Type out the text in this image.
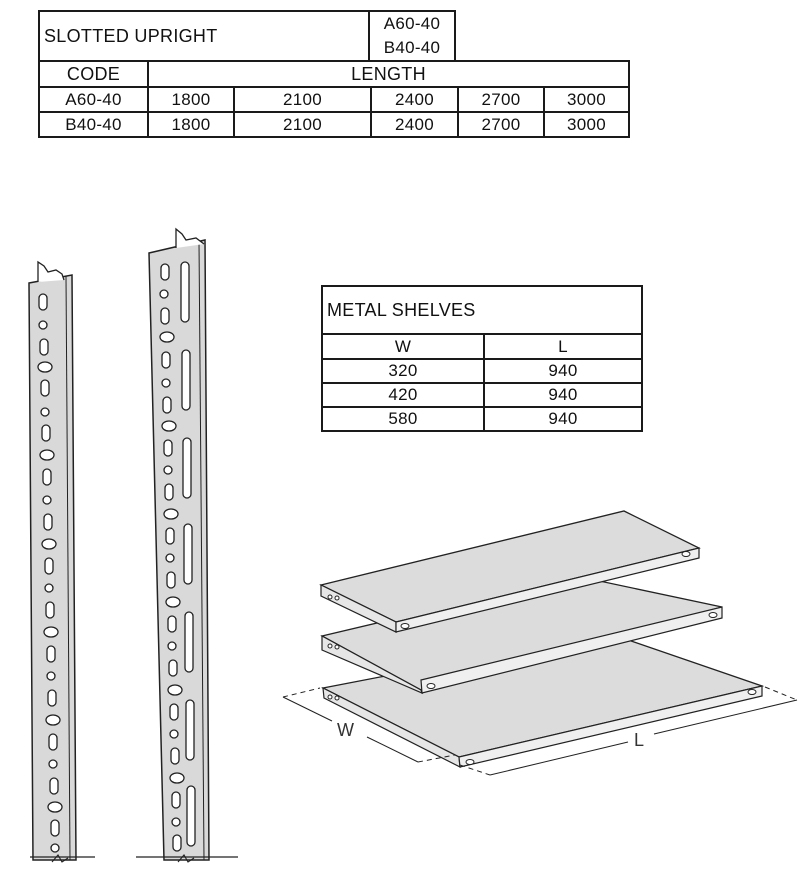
SLOTTED UPRIGHT
A60-40
B40-40
CODE	LENGTH
A60-40	1800	2100	2400	2700	3000
B40-40	1800	2100	2400	2700	3000
METAL SHELVES
W	L
320	940
420	940
580	940
W	L
